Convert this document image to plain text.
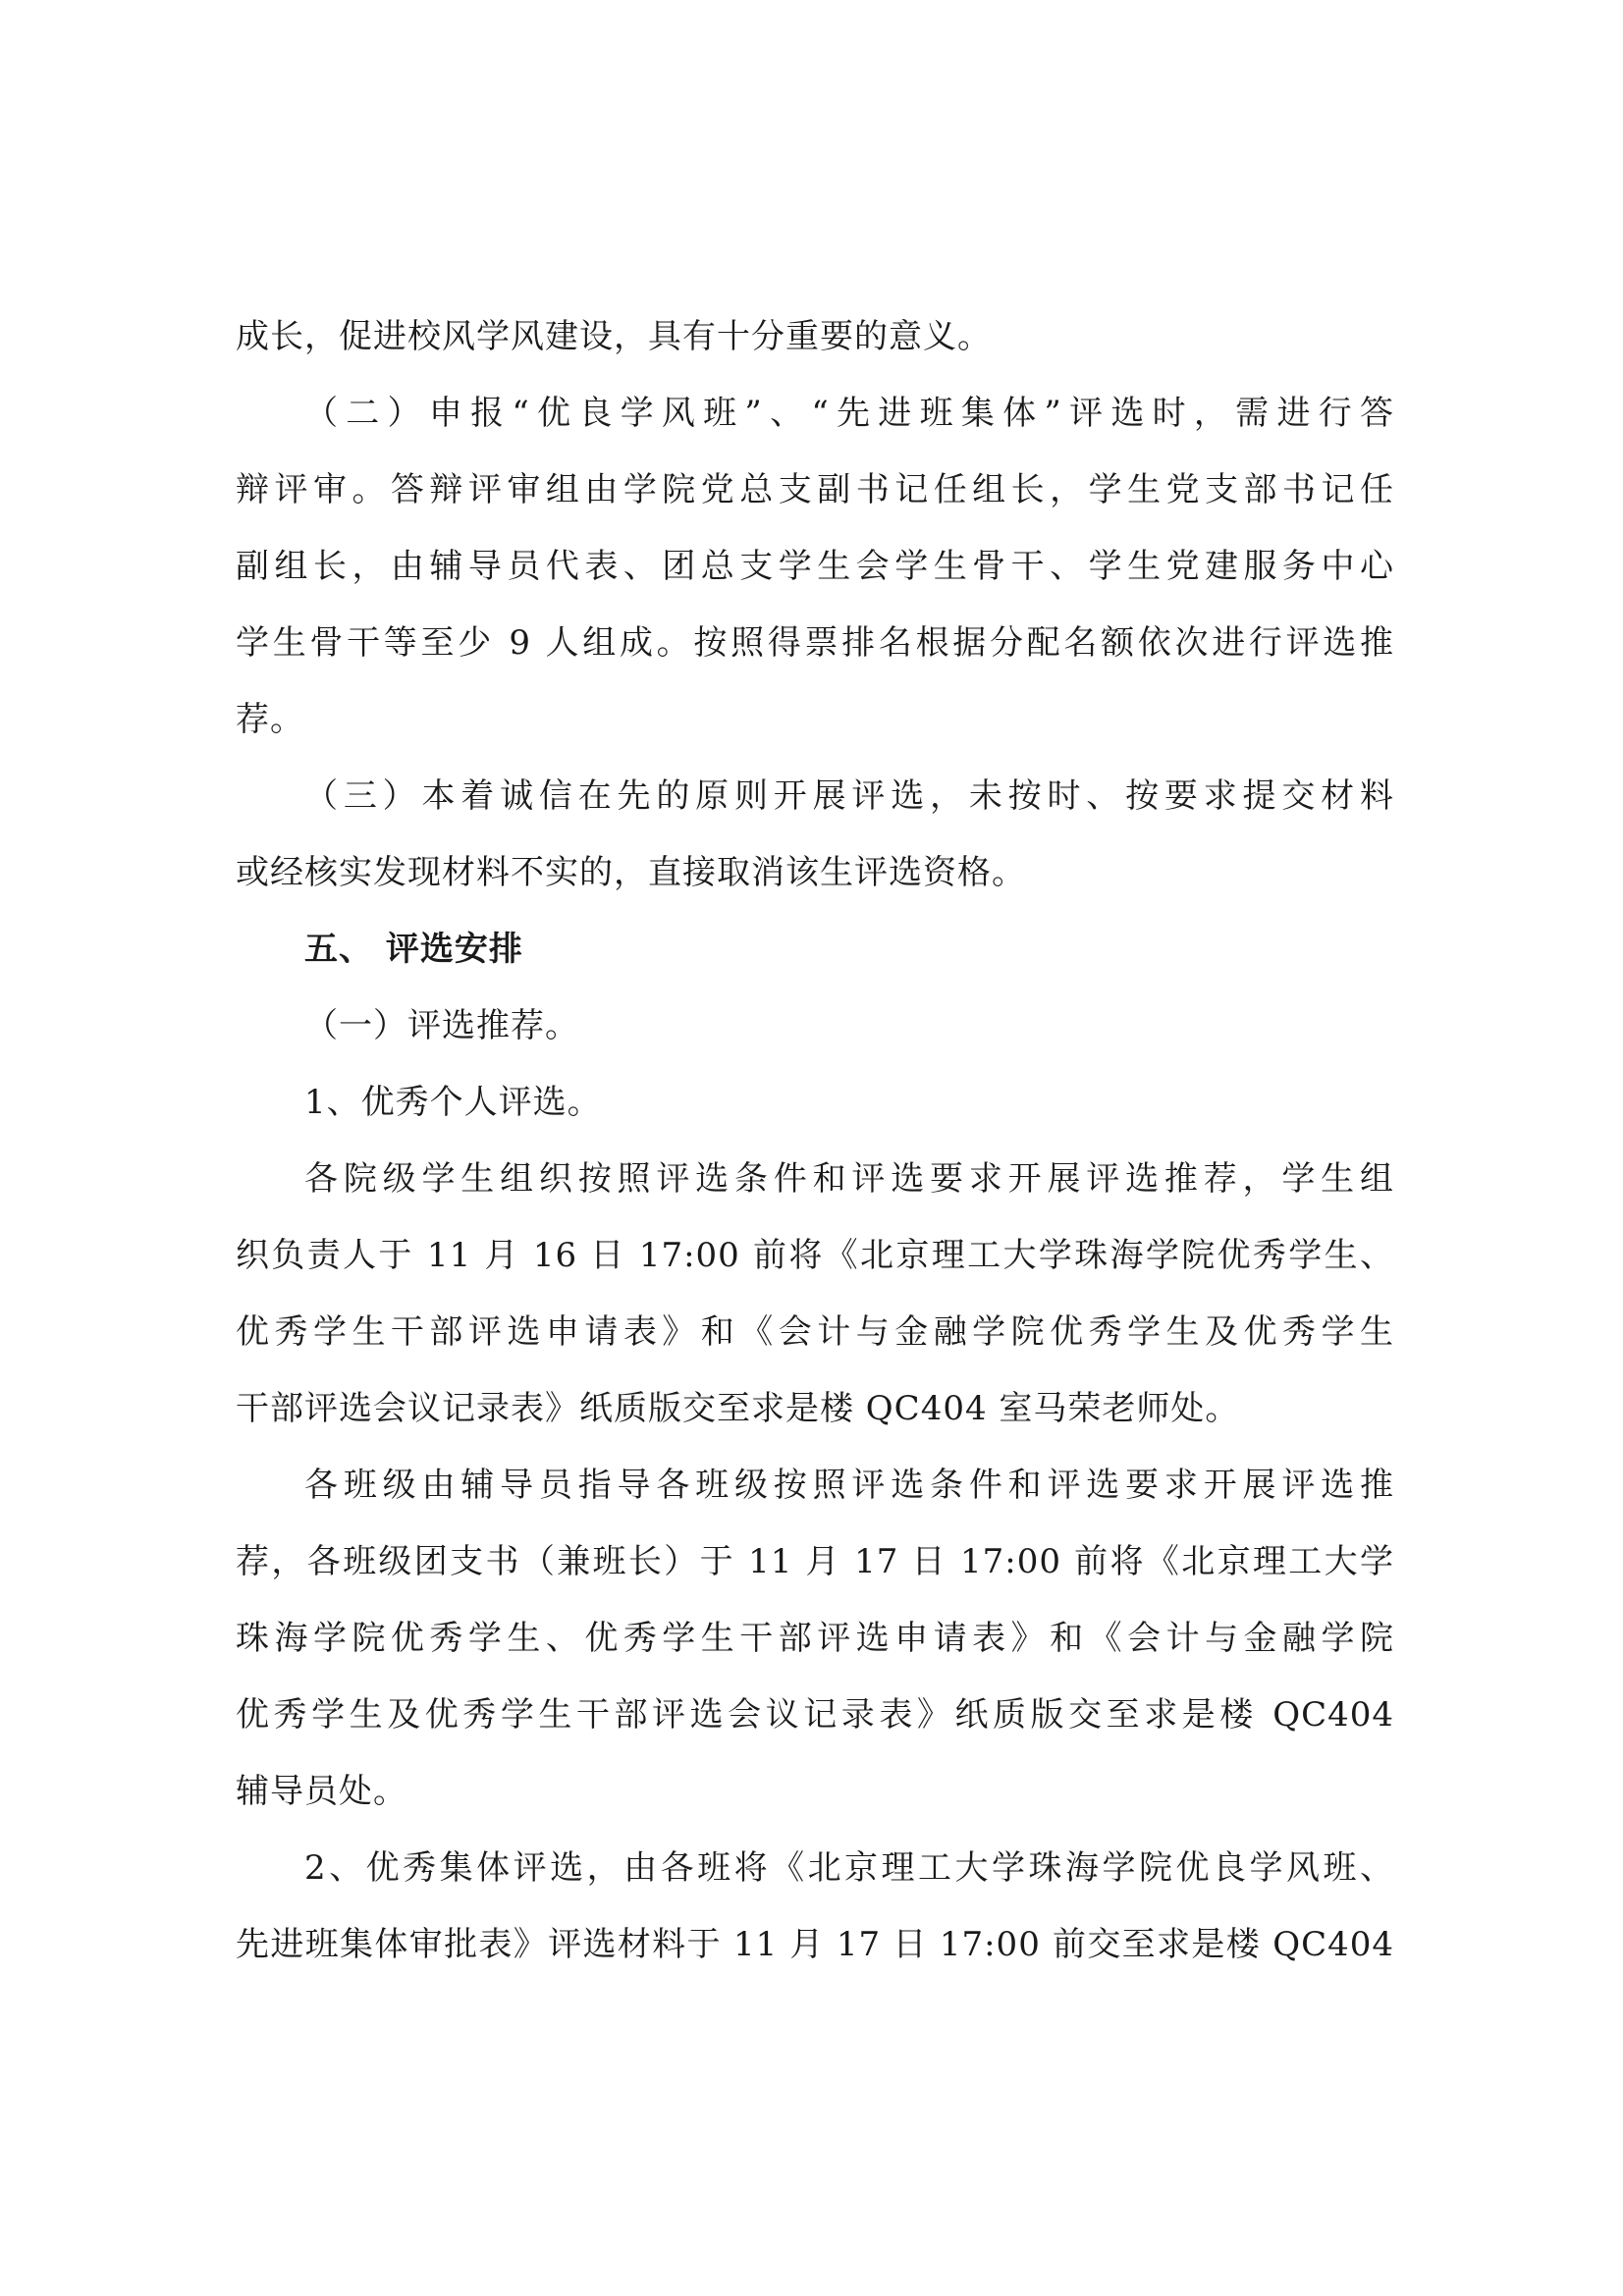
成长，促进校风学风建设，具有十分重要的意义。
（二）申报“优良学风班”、“先进班集体”评选时，需进行答
辩评审。答辩评审组由学院党总支副书记任组长，学生党支部书记任
副组长，由辅导员代表、团总支学生会学生骨干、学生党建服务中心
学生骨干等至少 9 人组成。按照得票排名根据分配名额依次进行评选推
荐。
（三）本着诚信在先的原则开展评选，未按时、按要求提交材料
或经核实发现材料不实的，直接取消该生评选资格。
五、 评选安排
（一）评选推荐。
1、优秀个人评选。
各院级学生组织按照评选条件和评选要求开展评选推荐，学生组
织负责人于 11 月 16 日 17:00 前将《北京理工大学珠海学院优秀学生、
优秀学生干部评选申请表》和《会计与金融学院优秀学生及优秀学生
干部评选会议记录表》纸质版交至求是楼 QC404 室马荣老师处。
各班级由辅导员指导各班级按照评选条件和评选要求开展评选推
荐，各班级团支书（兼班长）于 11 月 17 日 17:00 前将《北京理工大学
珠海学院优秀学生、优秀学生干部评选申请表》和《会计与金融学院
优秀学生及优秀学生干部评选会议记录表》纸质版交至求是楼 QC404
辅导员处。
2、优秀集体评选，由各班将《北京理工大学珠海学院优良学风班、
先进班集体审批表》评选材料于 11 月 17 日 17:00 前交至求是楼 QC404
